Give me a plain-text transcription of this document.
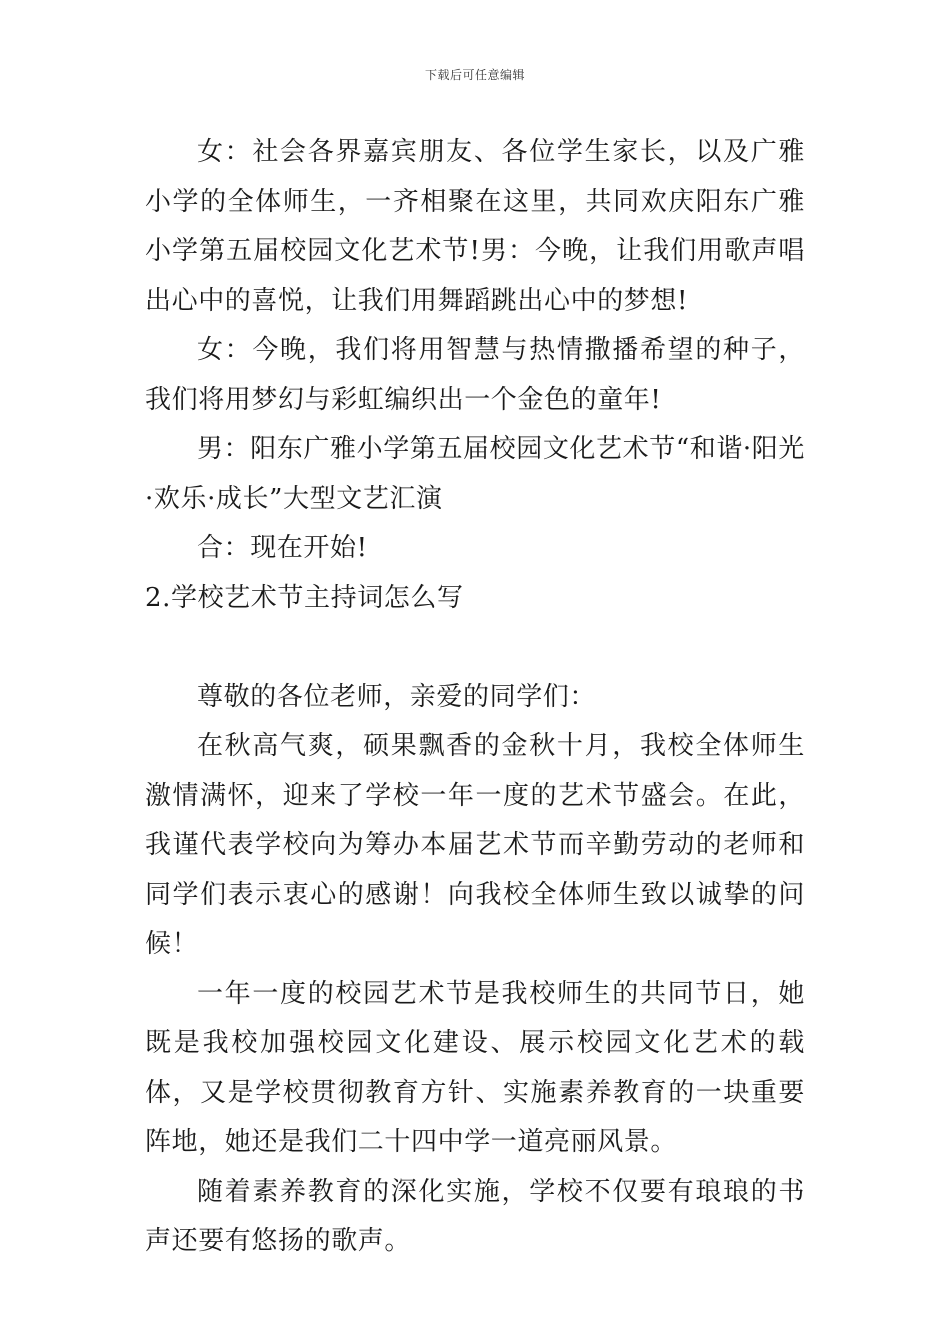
下载后可任意编辑

女：社会各界嘉宾朋友、各位学生家长，以及广雅小学的全体师生，一齐相聚在这里，共同欢庆阳东广雅小学第五届校园文化艺术节!男：今晚，让我们用歌声唱出心中的喜悦，让我们用舞蹈跳出心中的梦想!

女：今晚，我们将用智慧与热情撒播希望的种子，我们将用梦幻与彩虹编织出一个金色的童年!

男：阳东广雅小学第五届校园文化艺术节“和谐·阳光·欢乐·成长”大型文艺汇演

合：现在开始!

2.学校艺术节主持词怎么写

尊敬的各位老师，亲爱的同学们：

在秋高气爽，硕果飘香的金秋十月，我校全体师生激情满怀，迎来了学校一年一度的艺术节盛会。在此，我谨代表学校向为筹办本届艺术节而辛勤劳动的老师和同学们表示衷心的感谢！向我校全体师生致以诚挚的问候！

一年一度的校园艺术节是我校师生的共同节日，她既是我校加强校园文化建设、展示校园文化艺术的载体，又是学校贯彻教育方针、实施素养教育的一块重要阵地，她还是我们二十四中学一道亮丽风景。

随着素养教育的深化实施，学校不仅要有琅琅的书声还要有悠扬的歌声。
